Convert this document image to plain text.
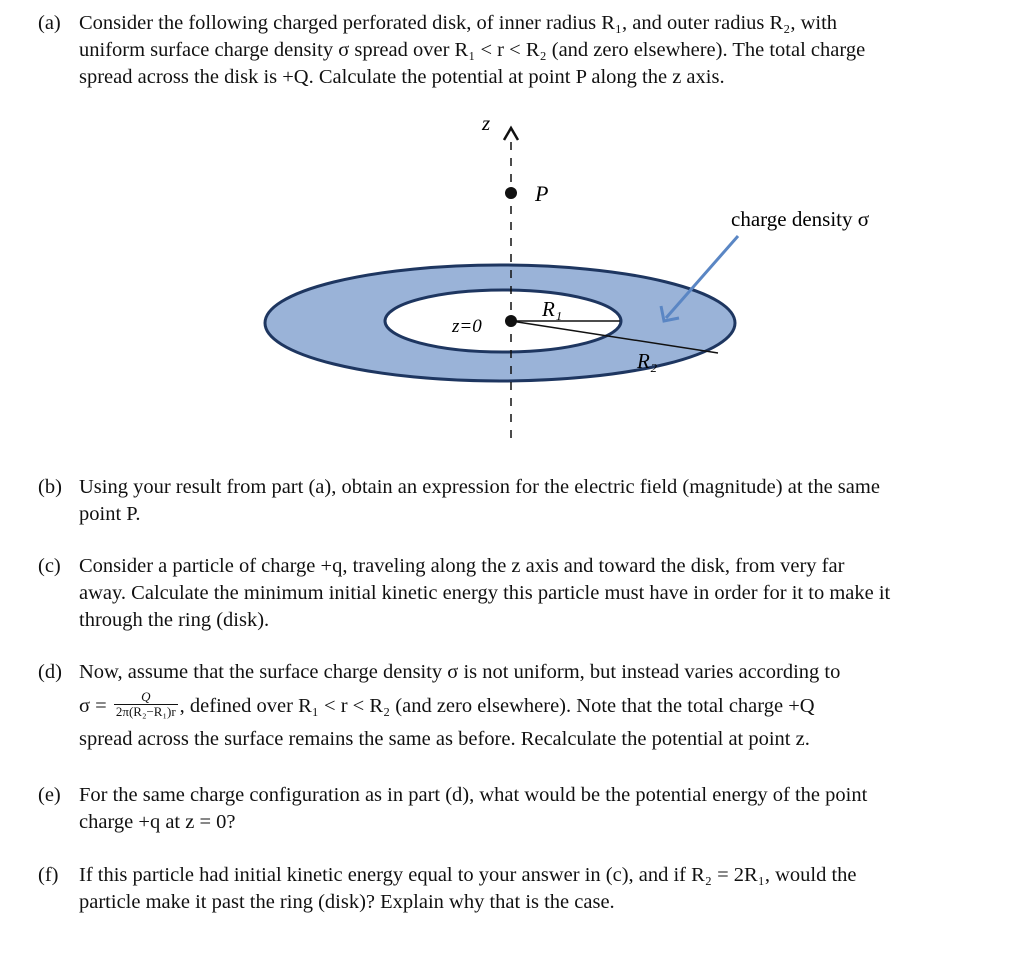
(a) Consider the following charged perforated disk, of inner radius R₁, and outer radius R₂, with
uniform surface charge density σ spread over R₁ < r < R₂ (and zero elsewhere). The total charge
spread across the disk is +Q. Calculate the potential at point P along the z axis.
z
P
z=0
R₁
R₂
charge density σ
(b) Using your result from part (a), obtain an expression for the electric field (magnitude) at the same
point P.
(c) Consider a particle of charge +q, traveling along the z axis and toward the disk, from very far
away. Calculate the minimum initial kinetic energy this particle must have in order for it to make it
through the ring (disk).
(d) Now, assume that the surface charge density σ is not uniform, but instead varies according to
$\sigma = \frac{Q}{\text{2π(R₂−R₁)r}}$ , defined over R₁ < r < R₂ (and zero elsewhere). Note that the total charge +Q
spread across the surface remains the same as before. Recalculate the potential at point z.
(e) For the same charge configuration as in part (d), what would be the potential energy of the point
charge +q at z = 0?
(f)	If this particle had initial kinetic energy equal to your answer in (c), and if R₂ = 2R₁, would the
particle make it past the ring (disk)? Explain why that is the case.
